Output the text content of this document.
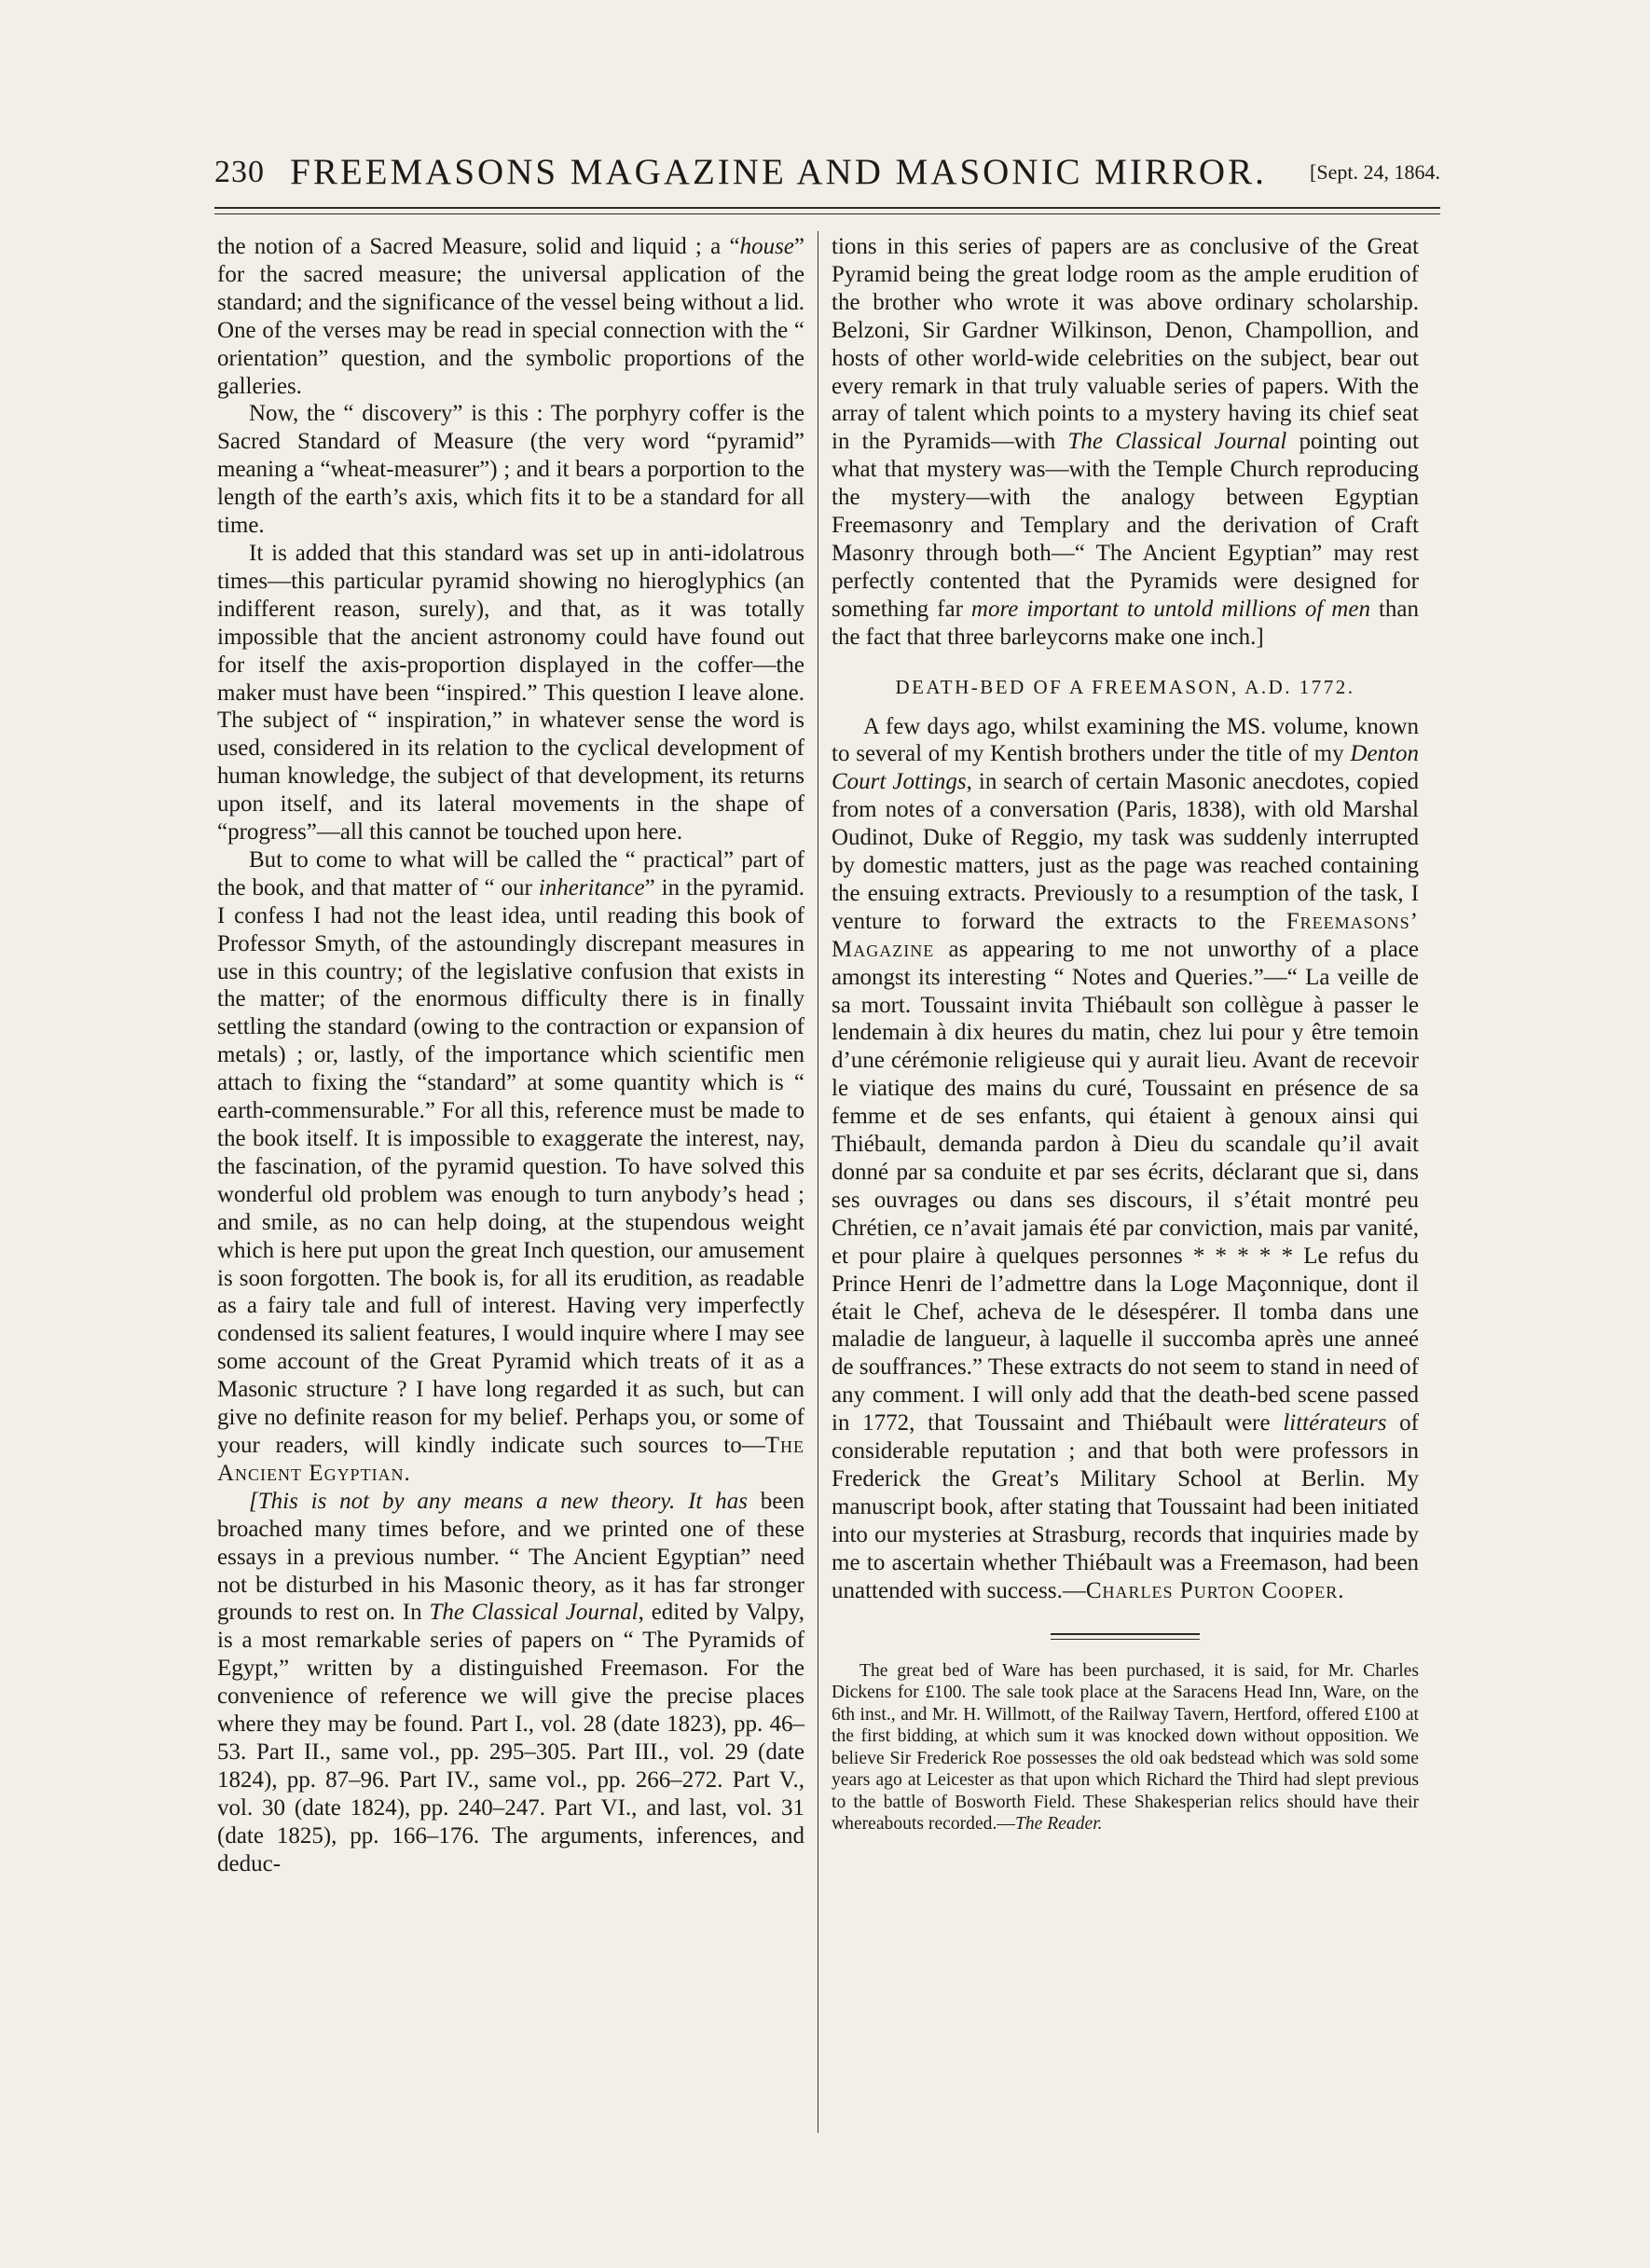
230 FREEMASONS MAGAZINE AND MASONIC MIRROR.	[Sept. 24, 1864.

the notion of a Sacred Measure, solid and liquid ; a “house” for the sacred measure; the universal application of the standard; and the significance of the vessel being without a lid. One of the verses may be read in special connection with the “ orientation” question, and the symbolic proportions of the galleries.

Now, the “ discovery” is this : The porphyry coffer is the Sacred Standard of Measure (the very word “pyramid” meaning a “wheat-measurer”) ; and it bears a porportion to the length of the earth’s axis, which fits it to be a standard for all time.

It is added that this standard was set up in anti-idolatrous times—this particular pyramid showing no hieroglyphics (an indifferent reason, surely), and that, as it was totally impossible that the ancient astronomy could have found out for itself the axis-proportion displayed in the coffer—the maker must have been “inspired.” This question I leave alone. The subject of “ inspiration,” in whatever sense the word is used, considered in its relation to the cyclical development of human knowledge, the subject of that development, its returns upon itself, and its lateral movements in the shape of “progress”—all this cannot be touched upon here.

But to come to what will be called the “ practical” part of the book, and that matter of “ our inheritance” in the pyramid. I confess I had not the least idea, until reading this book of Professor Smyth, of the astoundingly discrepant measures in use in this country; of the legislative confusion that exists in the matter; of the enormous difficulty there is in finally settling the standard (owing to the contraction or expansion of metals) ; or, lastly, of the importance which scientific men attach to fixing the “standard” at some quantity which is “ earth-commensurable.” For all this, reference must be made to the book itself. It is impossible to exaggerate the interest, nay, the fascination, of the pyramid question. To have solved this wonderful old problem was enough to turn anybody’s head ; and smile, as no can help doing, at the stupendous weight which is here put upon the great Inch question, our amusement is soon forgotten. The book is, for all its erudition, as readable as a fairy tale and full of interest. Having very imperfectly condensed its salient features, I would inquire where I may see some account of the Great Pyramid which treats of it as a Masonic structure ? I have long regarded it as such, but can give no definite reason for my belief. Perhaps you, or some of your readers, will kindly indicate such sources to—The Ancient Egyptian.

[This is not by any means a new theory. It has been broached many times before, and we printed one of these essays in a previous number. “ The Ancient Egyptian” need not be disturbed in his Masonic theory, as it has far stronger grounds to rest on. In The Classical Journal, edited by Valpy, is a most remarkable series of papers on “ The Pyramids of Egypt,” written by a distinguished Freemason. For the convenience of reference we will give the precise places where they may be found. Part I., vol. 28 (date 1823), pp. 46–53. Part II., same vol., pp. 295–305. Part III., vol. 29 (date 1824), pp. 87–96. Part IV., same vol., pp. 266–272. Part V., vol. 30 (date 1824), pp. 240–247. Part VI., and last, vol. 31 (date 1825), pp. 166–176. The arguments, inferences, and deduc-

tions in this series of papers are as conclusive of the Great Pyramid being the great lodge room as the ample erudition of the brother who wrote it was above ordinary scholarship. Belzoni, Sir Gardner Wilkinson, Denon, Champollion, and hosts of other world-wide celebrities on the subject, bear out every remark in that truly valuable series of papers. With the array of talent which points to a mystery having its chief seat in the Pyramids—with The Classical Journal pointing out what that mystery was—with the Temple Church reproducing the mystery—with the analogy between Egyptian Freemasonry and Templary and the derivation of Craft Masonry through both—“ The Ancient Egyptian” may rest perfectly contented that the Pyramids were designed for something far more important to untold millions of men than the fact that three barleycorns make one inch.]

DEATH-BED OF A FREEMASON, A.D. 1772.

A few days ago, whilst examining the MS. volume, known to several of my Kentish brothers under the title of my Denton Court Jottings, in search of certain Masonic anecdotes, copied from notes of a conversation (Paris, 1838), with old Marshal Oudinot, Duke of Reggio, my task was suddenly interrupted by domestic matters, just as the page was reached containing the ensuing extracts. Previously to a resumption of the task, I venture to forward the extracts to the Freemasons’ Magazine as appearing to me not unworthy of a place amongst its interesting “ Notes and Queries.”—“ La veille de sa mort. Toussaint invita Thiébault son collègue à passer le lendemain à dix heures du matin, chez lui pour y être temoin d’une cérémonie religieuse qui y aurait lieu. Avant de recevoir le viatique des mains du curé, Toussaint en présence de sa femme et de ses enfants, qui étaient à genoux ainsi qui Thiébault, demanda pardon à Dieu du scandale qu’il avait donné par sa conduite et par ses écrits, déclarant que si, dans ses ouvrages ou dans ses discours, il s’était montré peu Chrétien, ce n’avait jamais été par conviction, mais par vanité, et pour plaire à quelques personnes * * * * * Le refus du Prince Henri de l’admettre dans la Loge Maçonnique, dont il était le Chef, acheva de le désespérer. Il tomba dans une maladie de langueur, à laquelle il succomba après une anneé de souffrances.” These extracts do not seem to stand in need of any comment. I will only add that the death-bed scene passed in 1772, that Toussaint and Thiébault were littérateurs of considerable reputation ; and that both were professors in Frederick the Great’s Military School at Berlin. My manuscript book, after stating that Toussaint had been initiated into our mysteries at Strasburg, records that inquiries made by me to ascertain whether Thiébault was a Freemason, had been unattended with success.—Charles Purton Cooper.

The great bed of Ware has been purchased, it is said, for Mr. Charles Dickens for £100. The sale took place at the Saracens Head Inn, Ware, on the 6th inst., and Mr. H. Willmott, of the Railway Tavern, Hertford, offered £100 at the first bidding, at which sum it was knocked down without opposition. We believe Sir Frederick Roe possesses the old oak bedstead which was sold some years ago at Leicester as that upon which Richard the Third had slept previous to the battle of Bosworth Field. These Shakesperian relics should have their whereabouts recorded.—The Reader.
